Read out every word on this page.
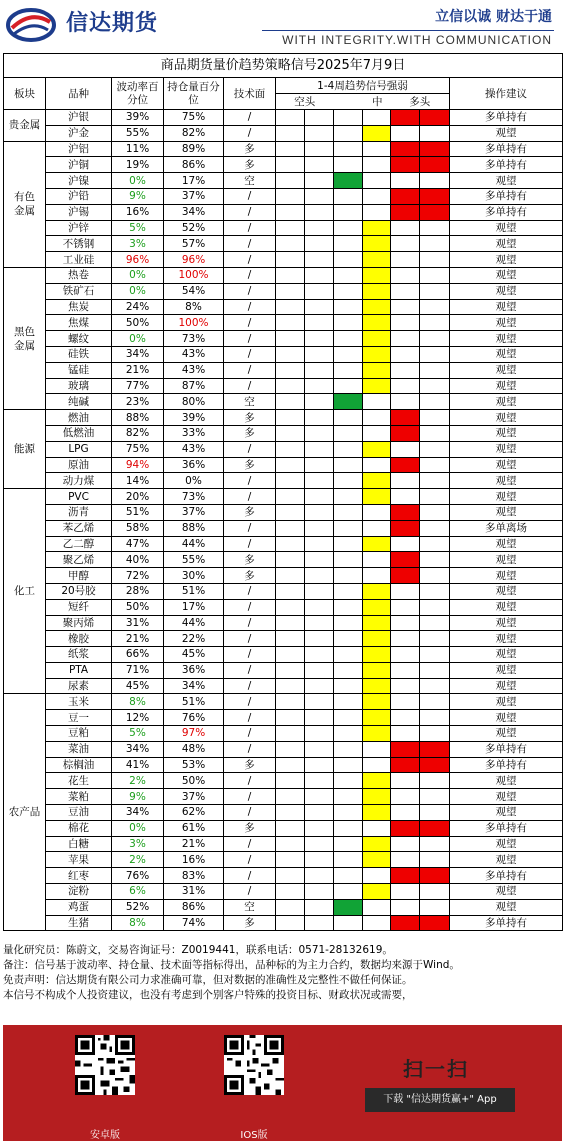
信达期货	立信以诚 财达于通
WITH INTEGRITY.WITH COMMUNICATION
商品期货量价趋势策略信号2025年7月9日											
板块	品种	波动率百分位	持仓量百分位	技术面	1-4周趋势信号强弱						操作建议
					空头		中		多头		
贵金属	沪银	39%	75%	/							多单持有
	沪金	55%	82%	/							观望
有色金属	沪铝	11%	89%	多							多单持有
	沪铜	19%	86%	多							多单持有
	沪镍	0%	17%	空							观望
	沪铅	9%	37%	/							多单持有
	沪锡	16%	34%	/							多单持有
	沪锌	5%	52%	/							观望
	不锈钢	3%	57%	/							观望
	工业硅	96%	96%	/							观望
黑色金属	热卷	0%	100%	/							观望
	铁矿石	0%	54%	/							观望
	焦炭	24%	8%	/							观望
	焦煤	50%	100%	/							观望
	螺纹	0%	73%	/							观望
	硅铁	34%	43%	/							观望
	锰硅	21%	43%	/							观望
	玻璃	77%	87%	/							观望
	纯碱	23%	80%	空							观望
能源	燃油	88%	39%	多							观望
	低燃油	82%	33%	多							观望
	LPG	75%	43%	/							观望
	原油	94%	36%	多							观望
	动力煤	14%	0%	/							观望
化工	PVC	20%	73%	/							观望
	沥青	51%	37%	多							观望
	苯乙烯	58%	88%	/							多单离场
	乙二醇	47%	44%	/							观望
	聚乙烯	40%	55%	多							观望
	甲醇	72%	30%	多							观望
	20号胶	28%	51%	/							观望
	短纤	50%	17%	/							观望
	聚丙烯	31%	44%	/							观望
	橡胶	21%	22%	/							观望
	纸浆	66%	45%	/							观望
	PTA	71%	36%	/							观望
	尿素	45%	34%	/							观望
农产品	玉米	8%	51%	/							观望
	豆一	12%	76%	/							观望
	豆粕	5%	97%	/							观望
	菜油	34%	48%	/							多单持有
	棕榈油	41%	53%	多							多单持有
	花生	2%	50%	/							观望
	菜粕	9%	37%	/							观望
	豆油	34%	62%	/							观望
	棉花	0%	61%	多							多单持有
	白糖	3%	21%	/							观望
	苹果	2%	16%	/							观望
	红枣	76%	83%	/							多单持有
	淀粉	6%	31%	/							观望
	鸡蛋	52%	86%	空							观望
	生猪	8%	74%	多							多单持有
量化研究员：陈蔚文，交易咨询证号：Z0019441，联系电话：0571-28132619。
备注：信号基于波动率、持仓量、技术面等指标得出，品种标的为主力合约，数据均来源于Wind。
免责声明：信达期货有限公司力求准确可靠，但对数据的准确性及完整性不做任何保证。
本信号不构成个人投资建议，也没有考虑到个别客户特殊的投资目标、财政状况或需要，
安卓版	IOS版
扫一扫
下载 "信达期货赢+" App
